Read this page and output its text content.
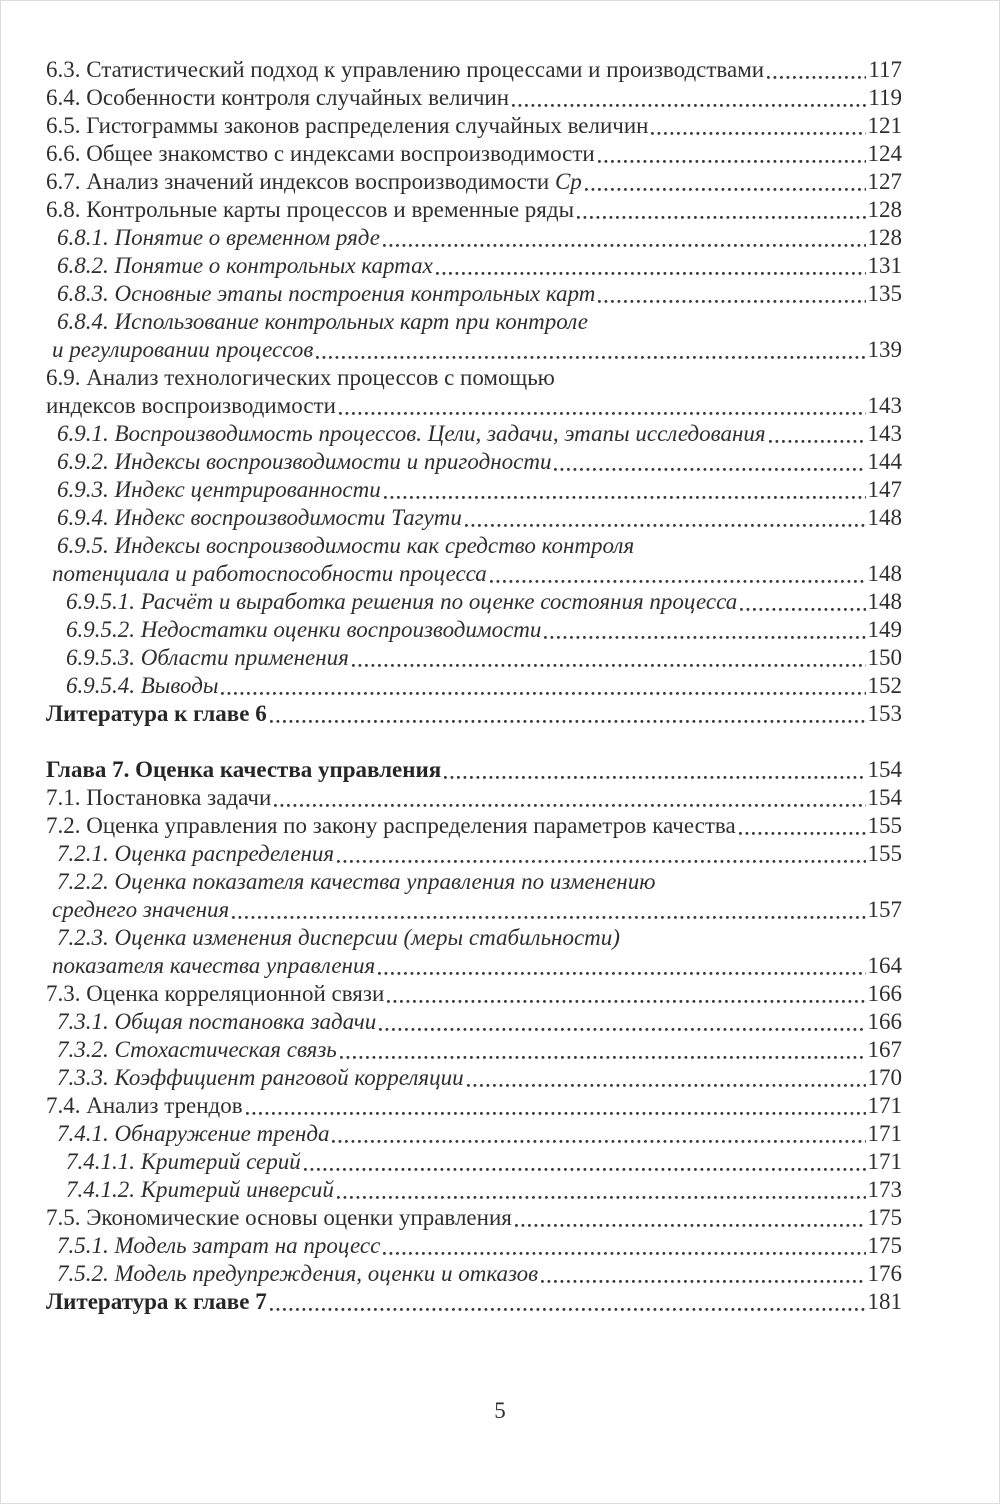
6.3. Статистический подход к управлению процессами и производствами	117
6.4. Особенности контроля случайных величин	119
6.5. Гистограммы законов распределения случайных величин	121
6.6. Общее знакомство с индексами воспроизводимости	124
6.7. Анализ значений индексов воспроизводимости Ср	127
6.8. Контрольные карты процессов и временные ряды	128
6.8.1. Понятие о временном ряде	128
6.8.2. Понятие о контрольных картах	131
6.8.3. Основные этапы построения контрольных карт	135
6.8.4. Использование контрольных карт при контроле
и регулировании процессов	139
6.9. Анализ технологических процессов с помощью
индексов воспроизводимости	143
6.9.1. Воспроизводимость процессов. Цели, задачи, этапы исследования	143
6.9.2. Индексы воспроизводимости и пригодности	144
6.9.3. Индекс центрированности	147
6.9.4. Индекс воспроизводимости Тагути	148
6.9.5. Индексы воспроизводимости как средство контроля
потенциала и работоспособности процесса	148
6.9.5.1. Расчёт и выработка решения по оценке состояния процесса	148
6.9.5.2. Недостатки оценки воспроизводимости	149
6.9.5.3. Области применения	150
6.9.5.4. Выводы	152
Литература к главе 6	153
Глава 7. Оценка качества управления	154
7.1. Постановка задачи	154
7.2. Оценка управления по закону распределения параметров качества	155
7.2.1. Оценка распределения	155
7.2.2. Оценка показателя качества управления по изменению
среднего значения	157
7.2.3. Оценка изменения дисперсии (меры стабильности)
показателя качества управления	164
7.3. Оценка корреляционной связи	166
7.3.1. Общая постановка задачи	166
7.3.2. Стохастическая связь	167
7.3.3. Коэффициент ранговой корреляции	170
7.4. Анализ трендов	171
7.4.1. Обнаружение тренда	171
7.4.1.1. Критерий серий	171
7.4.1.2. Критерий инверсий	173
7.5. Экономические основы оценки управления	175
7.5.1. Модель затрат на процесс	175
7.5.2. Модель предупреждения, оценки и отказов	176
Литература к главе 7	181
5
